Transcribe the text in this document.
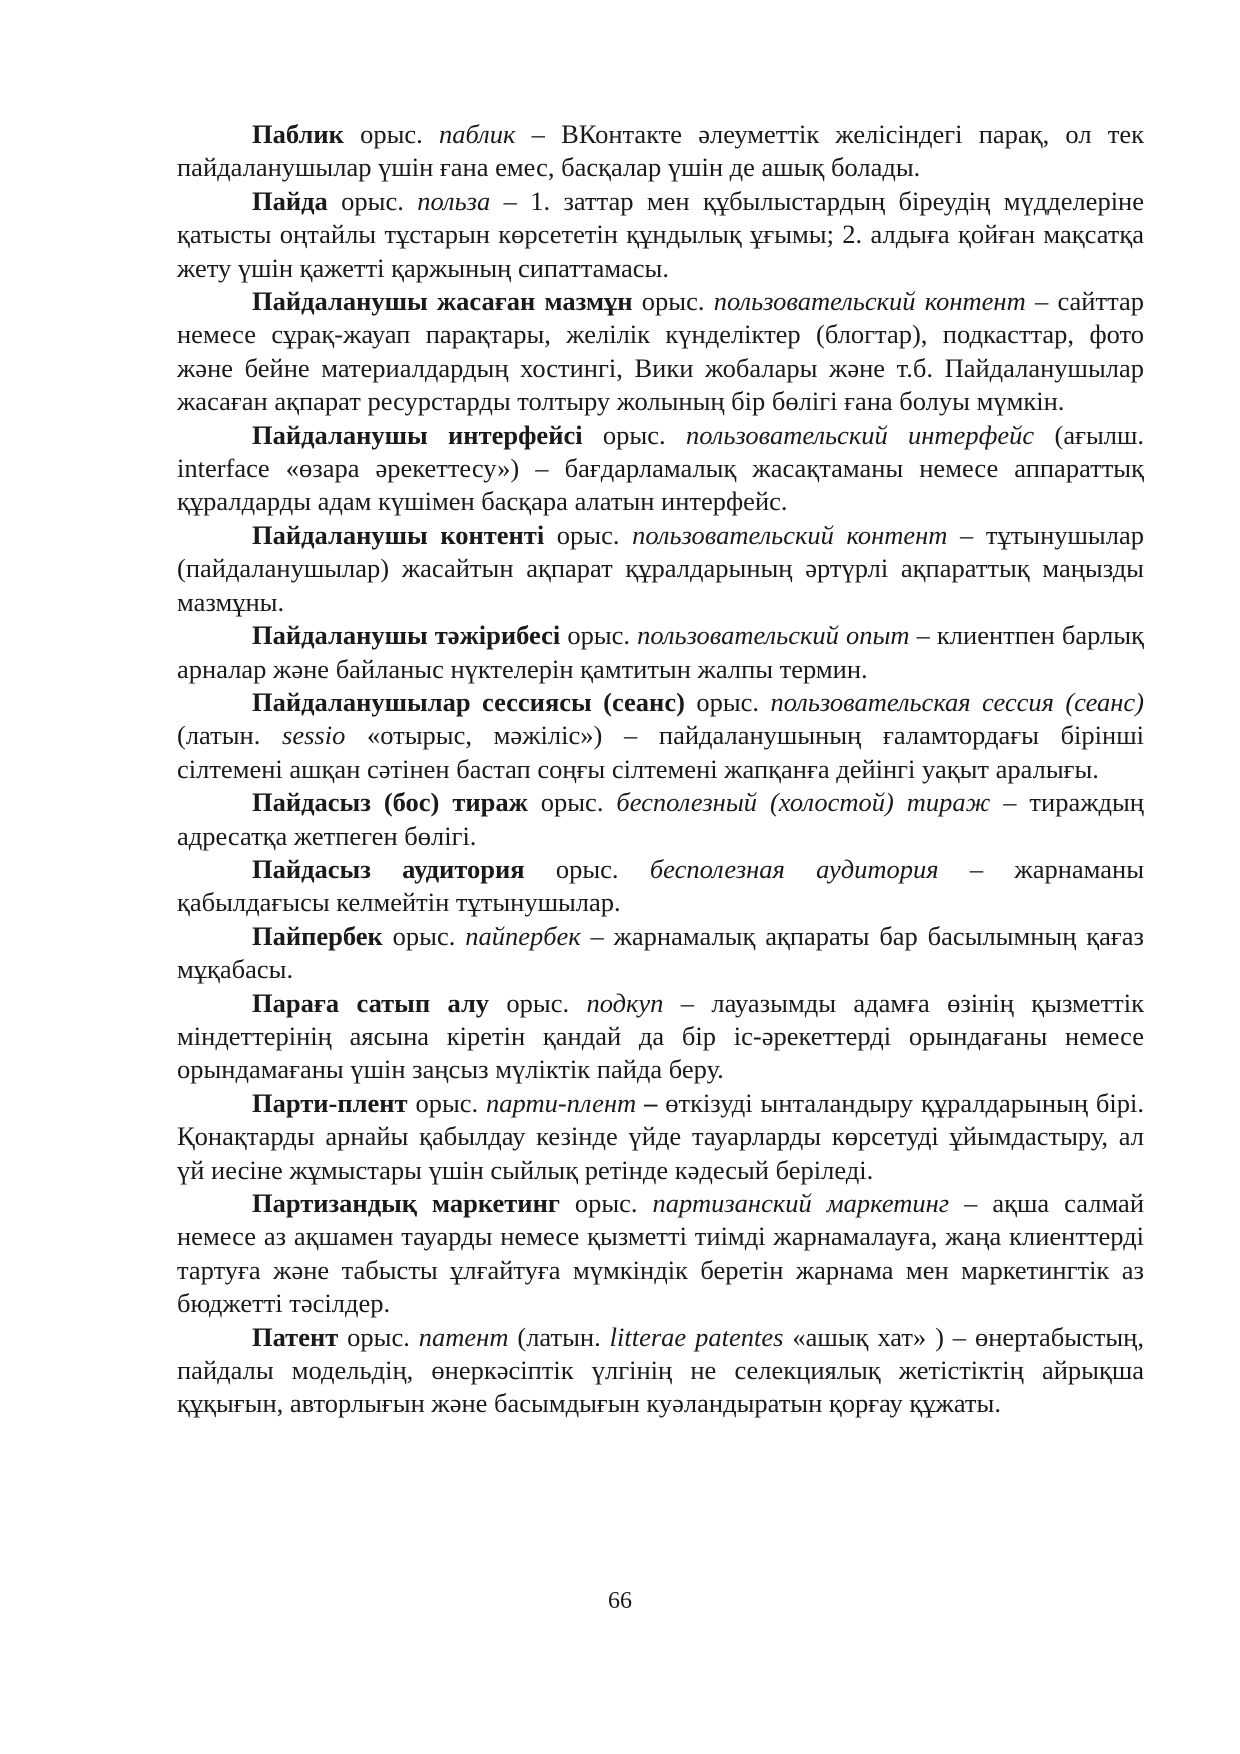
Паблик орыс. паблик – ВКонтакте әлеуметтік желісіндегі парақ, ол тек пайдаланушылар үшін ғана емес, басқалар үшін де ашық болады.

Пайда орыс. польза – 1. заттар мен құбылыстардың біреудің мүдделеріне қатысты оңтайлы тұстарын көрсететін құндылық ұғымы; 2. алдыға қойған мақсатқа жету үшін қажетті қаржының сипаттамасы.

Пайдаланушы жасаған мазмұн орыс. пользовательский контент – сайттар немесе сұрақ-жауап парақтары, желілік күнделіктер (блогтар), подкасттар, фото және бейне материалдардың хостингі, Вики жобалары және т.б. Пайдаланушылар жасаған ақпарат ресурстарды толтыру жолының бір бөлігі ғана болуы мүмкін.

Пайдаланушы интерфейсі орыс. пользовательский интерфейс (ағылш. interface «өзара әрекеттесу») – бағдарламалық жасақтаманы немесе аппараттық құралдарды адам күшімен басқара алатын интерфейс.

Пайдаланушы контенті орыс. пользовательский контент – тұтынушылар (пайдаланушылар) жасайтын ақпарат құралдарының әртүрлі ақпараттық маңызды мазмұны.

Пайдаланушы тәжірибесі орыс. пользовательский опыт – клиентпен барлық арналар және байланыс нүктелерін қамтитын жалпы термин.

Пайдаланушылар сессиясы (сеанс) орыс. пользовательская сессия (сеанс) (латын. sessio «отырыс, мәжіліс») – пайдаланушының ғаламтордағы бірінші сілтемені ашқан сәтінен бастап соңғы сілтемені жапқанға дейінгі уақыт аралығы.

Пайдасыз (бос) тираж орыс. бесполезный (холостой) тираж – тираждың адресатқа жетпеген бөлігі.

Пайдасыз аудитория орыс. бесполезная аудитория – жарнаманы қабылдағысы келмейтін тұтынушылар.

Пайпербек орыс. пайпербек – жарнамалық ақпараты бар басылымның қағаз мұқабасы.

Параға сатып алу орыс. подкуп – лауазымды адамға өзінің қызметтік міндеттерінің аясына кіретін қандай да бір іс-әрекеттерді орындағаны немесе орындамағаны үшін заңсыз мүліктік пайда беру.

Парти-плент орыс. парти-плент – өткізуді ынталандыру құралдарының бірі. Қонақтарды арнайы қабылдау кезінде үйде тауарларды көрсетуді ұйымдастыру, ал үй иесіне жұмыстары үшін сыйлық ретінде кәдесый беріледі.

Партизандық маркетинг орыс. партизанский маркетинг – ақша салмай немесе аз ақшамен тауарды немесе қызметті тиімді жарнамалауға, жаңа клиенттерді тартуға және табысты ұлғайтуға мүмкіндік беретін жарнама мен маркетингтік аз бюджетті тәсілдер.

Патент орыс. патент (латын. litterae patentes «ашық хат» ) – өнертабыстың, пайдалы модельдің, өнеркәсіптік үлгінің не селекциялық жетістіктің айрықша құқығын, авторлығын және басымдығын куәландыратын қорғау құжаты.

66
